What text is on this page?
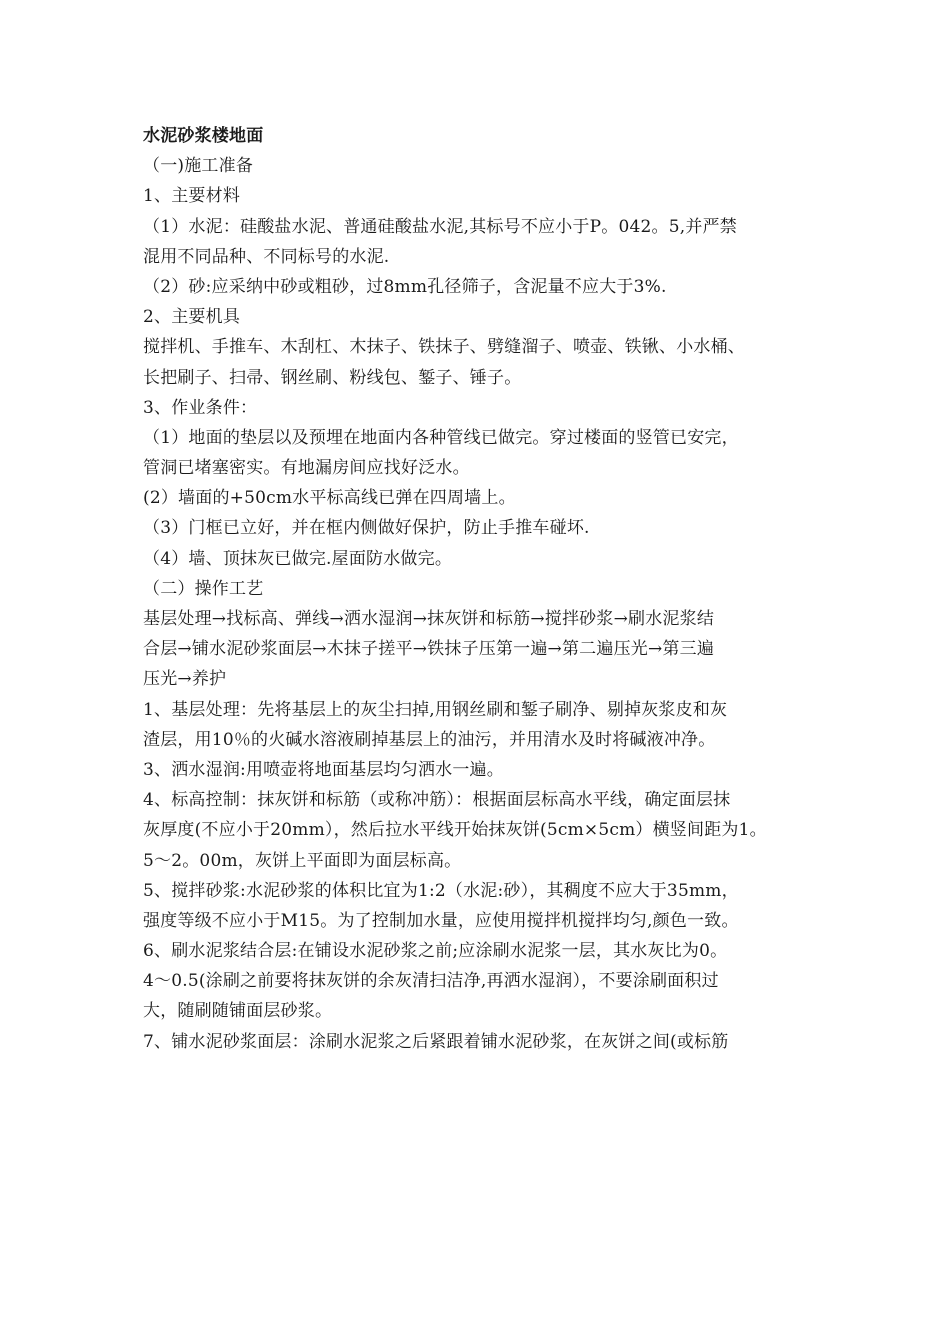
水泥砂浆楼地面
（一)施工准备
1、主要材料
（1）水泥：硅酸盐水泥、普通硅酸盐水泥,其标号不应小于P。042。5,并严禁
混用不同品种、不同标号的水泥.
（2）砂:应采纳中砂或粗砂，过8mm孔径筛子，含泥量不应大于3%.
2、主要机具
搅拌机、手推车、木刮杠、木抹子、铁抹子、劈缝溜子、喷壶、铁锹、小水桶、
长把刷子、扫帚、钢丝刷、粉线包、錾子、锤子。
3、作业条件：
（1）地面的垫层以及预埋在地面内各种管线已做完。穿过楼面的竖管已安完，
管洞已堵塞密实。有地漏房间应找好泛水。
(2）墙面的+50cm水平标高线已弹在四周墙上。
（3）门框已立好，并在框内侧做好保护，防止手推车碰坏.
（4）墙、顶抹灰已做完.屋面防水做完。
（二）操作工艺
基层处理→找标高、弹线→洒水湿润→抹灰饼和标筋→搅拌砂浆→刷水泥浆结
合层→铺水泥砂浆面层→木抹子搓平→铁抹子压第一遍→第二遍压光→第三遍
压光→养护
1、基层处理：先将基层上的灰尘扫掉,用钢丝刷和錾子刷净、剔掉灰浆皮和灰
渣层，用10％的火碱水溶液刷掉基层上的油污，并用清水及时将碱液冲净。
3、洒水湿润:用喷壶将地面基层均匀洒水一遍。
4、标高控制：抹灰饼和标筋（或称冲筋）：根据面层标高水平线，确定面层抹
灰厚度(不应小于20mm），然后拉水平线开始抹灰饼(5cm×5cm）横竖间距为1。
5～2。00m，灰饼上平面即为面层标高。
5、搅拌砂浆:水泥砂浆的体积比宜为1:2（水泥:砂），其稠度不应大于35mm，
强度等级不应小于M15。为了控制加水量，应使用搅拌机搅拌均匀,颜色一致。
6、刷水泥浆结合层:在铺设水泥砂浆之前;应涂刷水泥浆一层，其水灰比为0。
4～0.5(涂刷之前要将抹灰饼的余灰清扫洁净,再洒水湿润），不要涂刷面积过
大，随刷随铺面层砂浆。
7、铺水泥砂浆面层：涂刷水泥浆之后紧跟着铺水泥砂浆，在灰饼之间(或标筋
